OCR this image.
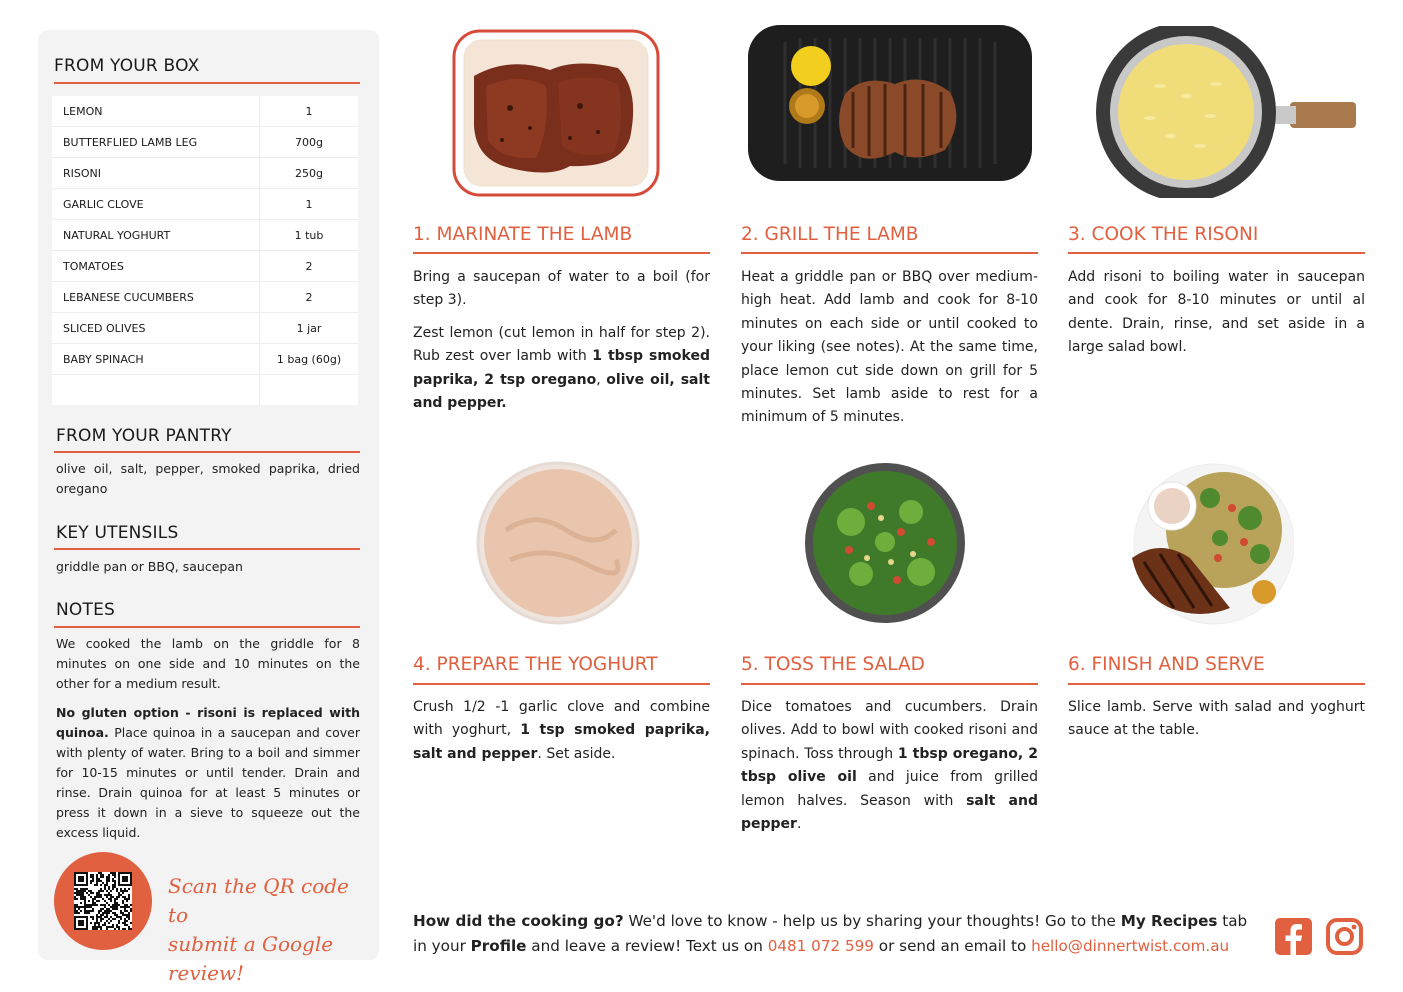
FROM YOUR BOX
LEMON	1
BUTTERFLIED LAMB LEG	700g
RISONI	250g
GARLIC CLOVE	1
NATURAL YOGHURT	1 tub
TOMATOES	2
LEBANESE CUCUMBERS	2
SLICED OLIVES	1 jar
BABY SPINACH	1 bag (60g)

FROM YOUR PANTRY

olive oil, salt, pepper, smoked paprika, dried oregano

KEY UTENSILS

griddle pan or BBQ, saucepan

NOTES

We cooked the lamb on the griddle for 8 minutes on one side and 10 minutes on the other for a medium result.

No gluten option - risoni is replaced with quinoa. Place quinoa in a saucepan and cover with plenty of water. Bring to a boil and simmer for 10-15 minutes or until tender. Drain and rinse. Drain quinoa for at least 5 minutes or press it down in a sieve to squeeze out the excess liquid.

Scan the QR code to
submit a Google review!
1. MARINATE THE LAMB

Bring a saucepan of water to a boil (for step 3).

Zest lemon (cut lemon in half for step 2). Rub zest over lamb with 1 tbsp smoked paprika, 2 tsp oregano, olive oil, salt and pepper.

2. GRILL THE LAMB

Heat a griddle pan or BBQ over medium-high heat. Add lamb and cook for 8-10 minutes on each side or until cooked to your liking (see notes). At the same time, place lemon cut side down on grill for 5 minutes. Set lamb aside to rest for a minimum of 5 minutes.

3. COOK THE RISONI

Add risoni to boiling water in saucepan and cook for 8-10 minutes or until al dente. Drain, rinse, and set aside in a large salad bowl.

4. PREPARE THE YOGHURT

Crush 1/2 -1 garlic clove and combine with yoghurt, 1 tsp smoked paprika, salt and pepper. Set aside.

5. TOSS THE SALAD

Dice tomatoes and cucumbers. Drain olives. Add to bowl with cooked risoni and spinach. Toss through 1 tbsp oregano, 2 tbsp olive oil and juice from grilled lemon halves. Season with salt and pepper.

6. FINISH AND SERVE

Slice lamb. Serve with salad and yoghurt sauce at the table.

How did the cooking go? We'd love to know - help us by sharing your thoughts! Go to the My Recipes tab in your Profile and leave a review! Text us on 0481 072 599 or send an email to hello@dinnertwist.com.au
